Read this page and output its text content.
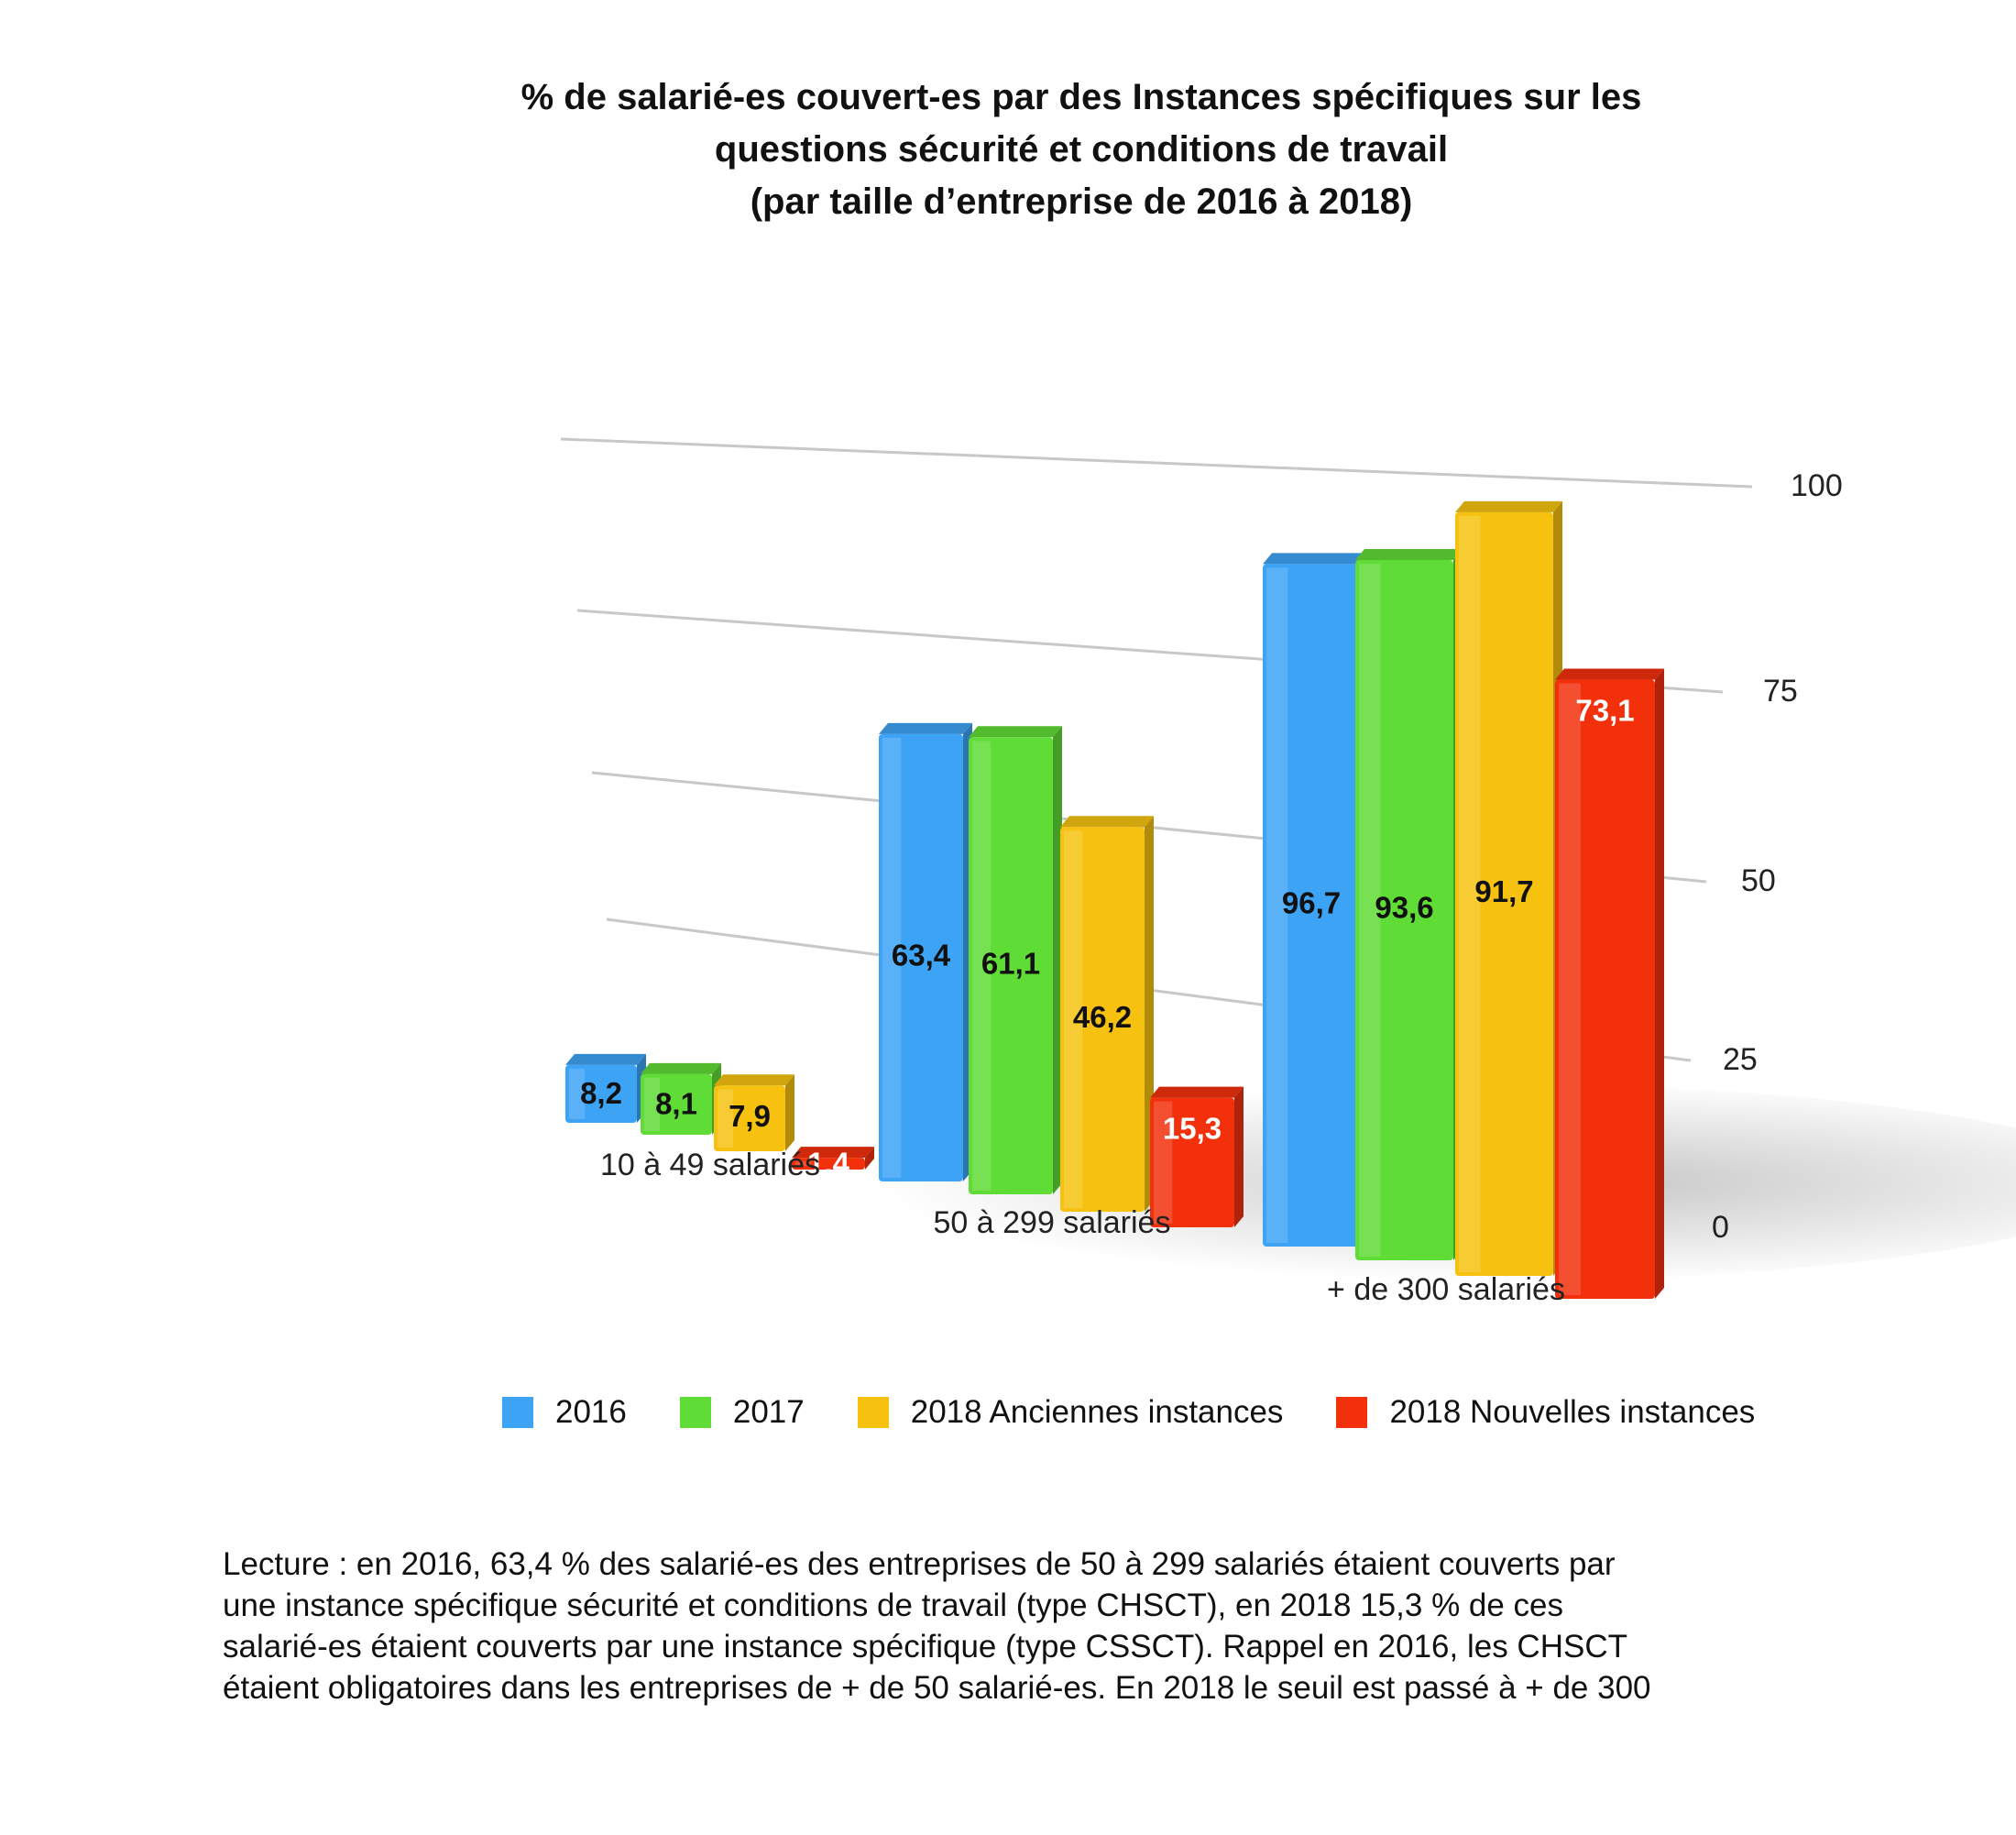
% de salarié-es couvert-es par des Instances spécifiques sur les
questions sécurité et conditions de travail
(par taille d’entreprise de 2016 à 2018)
0
25
50
75
100
8,2 8,1 7,9
1,4
63,4 61,1
46,2
15,3
96,7 93,6 91,7
73,1
10 à 49 salariés
50 à 299 salariés
+ de 300 salariés
2016	2017	2018 Anciennes instances	2018 Nouvelles instances
Lecture : en 2016, 63,4 % des salarié-es des entreprises de 50 à 299 salariés étaient couverts par
une instance spécifique sécurité et conditions de travail (type CHSCT), en 2018 15,3 % de ces
salarié-es étaient couverts par une instance spécifique (type CSSCT). Rappel en 2016, les CHSCT
étaient obligatoires dans les entreprises de + de 50 salarié-es. En 2018 le seuil est passé à + de 300
